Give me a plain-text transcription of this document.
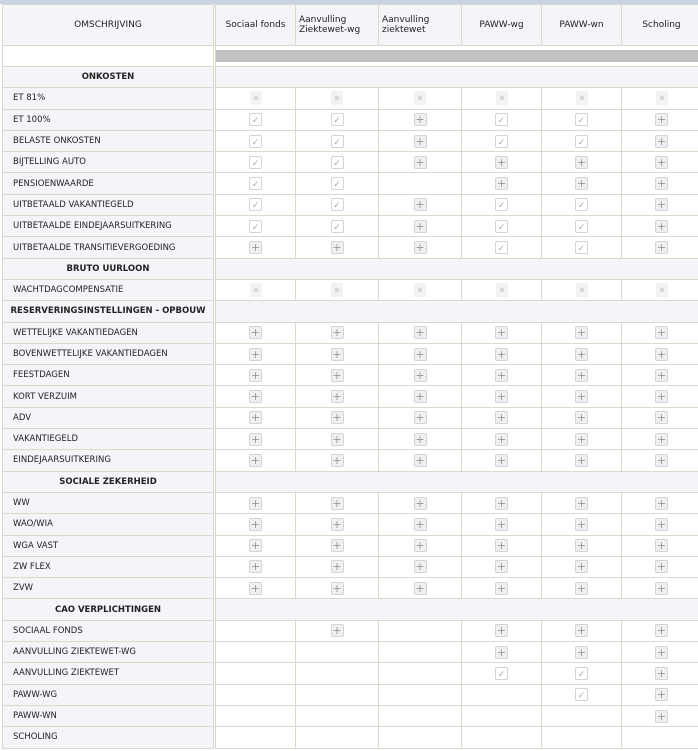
OMSCHRIJVING	Sociaal fonds	Aanvulling Ziektewet-wg	Aanvulling ziektewet	PAWW-wg	PAWW-wn	Scholing

ONKOSTEN						
ET 81%						
ET 100%	✓	✓	+	✓	✓	+
BELASTE ONKOSTEN	✓	✓	+	✓	✓	+
BIJTELLING AUTO	✓	✓	+	+	+	+
PENSIOENWAARDE	✓	✓		+	+	+
UITBETAALD VAKANTIEGELD	✓	✓	+	✓	✓	+
UITBETAALDE EINDEJAARSUITKERING	✓	✓	+	✓	✓	+
UITBETAALDE TRANSITIEVERGOEDING	+	+	+	✓	✓	+
BRUTO UURLOON						
WACHTDAGCOMPENSATIE						
RESERVERINGSINSTELLINGEN - OPBOUW						
WETTELIJKE VAKANTIEDAGEN	+	+	+	+	+	+
BOVENWETTELIJKE VAKANTIEDAGEN	+	+	+	+	+	+
FEESTDAGEN	+	+	+	+	+	+
KORT VERZUIM	+	+	+	+	+	+
ADV	+	+	+	+	+	+
VAKANTIEGELD	+	+	+	+	+	+
EINDEJAARSUITKERING	+	+	+	+	+	+
SOCIALE ZEKERHEID						
WW	+	+	+	+	+	+
WAO/WIA	+	+	+	+	+	+
WGA VAST	+	+	+	+	+	+
ZW FLEX	+	+	+	+	+	+
ZVW	+	+	+	+	+	+
CAO VERPLICHTINGEN						
SOCIAAL FONDS		+		+	+	+
AANVULLING ZIEKTEWET-WG				+	+	+
AANVULLING ZIEKTEWET				✓	✓	+
PAWW-WG					✓	+
PAWW-WN						+
SCHOLING						
